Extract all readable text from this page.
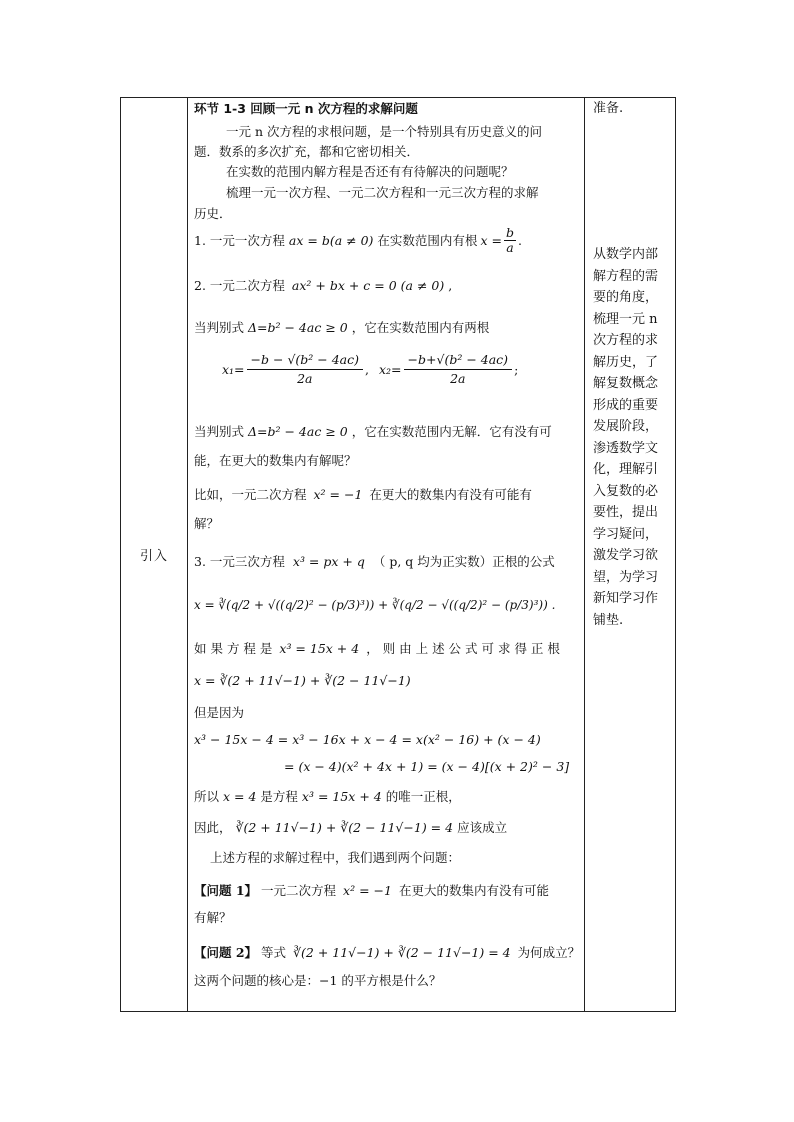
引入
环节 1-3 回顾一元 n 次方程的求解问题
一元 n 次方程的求根问题，是一个特别具有历史意义的问
题．数系的多次扩充，都和它密切相关．
在实数的范围内解方程是否还有有待解决的问题呢？
梳理一元一次方程、一元二次方程和一元三次方程的求解
历史．
1. 一元一次方程 ax = b(a ≠ 0) 在实数范围内有根 $x = \frac{b}{a}$ .
2. 一元二次方程 ax² + bx + c = 0 (a ≠ 0) ,
当判别式 Δ=b² − 4ac ≥ 0 ，它在实数范围内有两根
$x_1= \frac{\text{−b − √(b² − 4ac)}}{2a}$ , $x_2= \frac{\text{−b+√(b² − 4ac)}}{2a}$ ;
当判别式 Δ=b² − 4ac ≥ 0 ，它在实数范围内无解．它有没有可
能，在更大的数集内有解呢？
比如，一元二次方程 x² = −1 在更大的数集内有没有可能有
解？
3. 一元三次方程 x³ = px + q （ p, q 均为正实数）正根的公式
x = ∛(q/2 + √((q/2)² − (p/3)³)) + ∛(q/2 − √((q/2)² − (p/3)³)) .
如 果 方 程 是 x³ = 15x + 4 ， 则 由 上 述 公 式 可 求 得 正 根
x = ∛(2 + 11√−1) + ∛(2 − 11√−1)
但是因为
x³ − 15x − 4 = x³ − 16x + x − 4 = x(x² − 16) + (x − 4)
= (x − 4)(x² + 4x + 1) = (x − 4)[(x + 2)² − 3]
所以 x = 4 是方程 x³ = 15x + 4 的唯一正根，
因此， ∛(2 + 11√−1) + ∛(2 − 11√−1) = 4 应该成立
上述方程的求解过程中，我们遇到两个问题：
【问题 1】 一元二次方程 x² = −1 在更大的数集内有没有可能
有解？
【问题 2】 等式 ∛(2 + 11√−1) + ∛(2 − 11√−1) = 4 为何成立？
这两个问题的核心是：−1 的平方根是什么？
准备.
从数学内部
解方程的需
要的角度，
梳理一元 n
次方程的求
解历史，了
解复数概念
形成的重要
发展阶段，
渗透数学文
化，理解引
入复数的必
要性，提出
学习疑问，
激发学习欲
望，为学习
新知学习作
铺垫.
